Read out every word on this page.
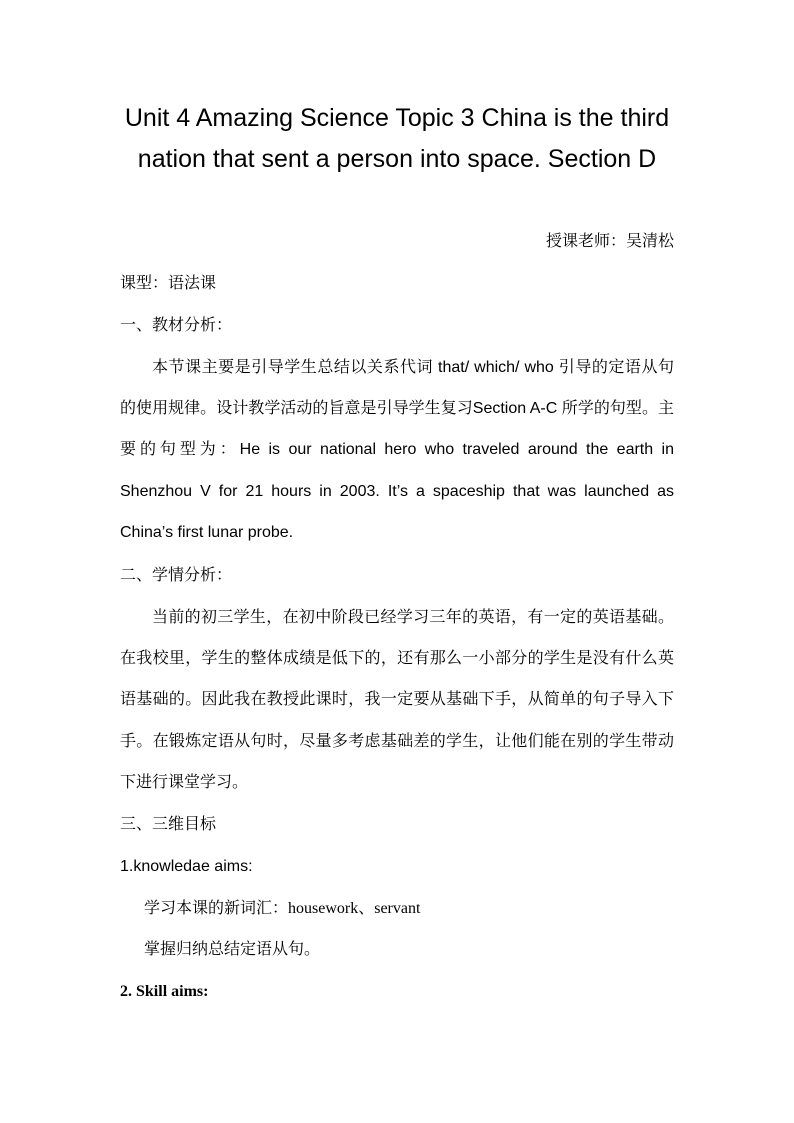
Unit 4 Amazing Science Topic 3 China is the third nation that sent a person into space. Section D
授课老师：吴清松
课型：语法课
一、教材分析：

本节课主要是引导学生总结以关系代词 that/ which/ who 引导的定语从句的使用规律。设计教学活动的旨意是引导学生复习Section A-C 所学的句型。主要的句型为：He is our national hero who traveled around the earth in Shenzhou V for 21 hours in 2003. It’s a spaceship that was launched as China’s first lunar probe.

二、学情分析：

当前的初三学生，在初中阶段已经学习三年的英语，有一定的英语基础。在我校里，学生的整体成绩是低下的，还有那么一小部分的学生是没有什么英语基础的。因此我在教授此课时，我一定要从基础下手，从简单的句子导入下手。在锻炼定语从句时，尽量多考虑基础差的学生，让他们能在别的学生带动下进行课堂学习。

三、三维目标
1.knowledae aims:
学习本课的新词汇：housework、servant
掌握归纳总结定语从句。
2. Skill aims:
